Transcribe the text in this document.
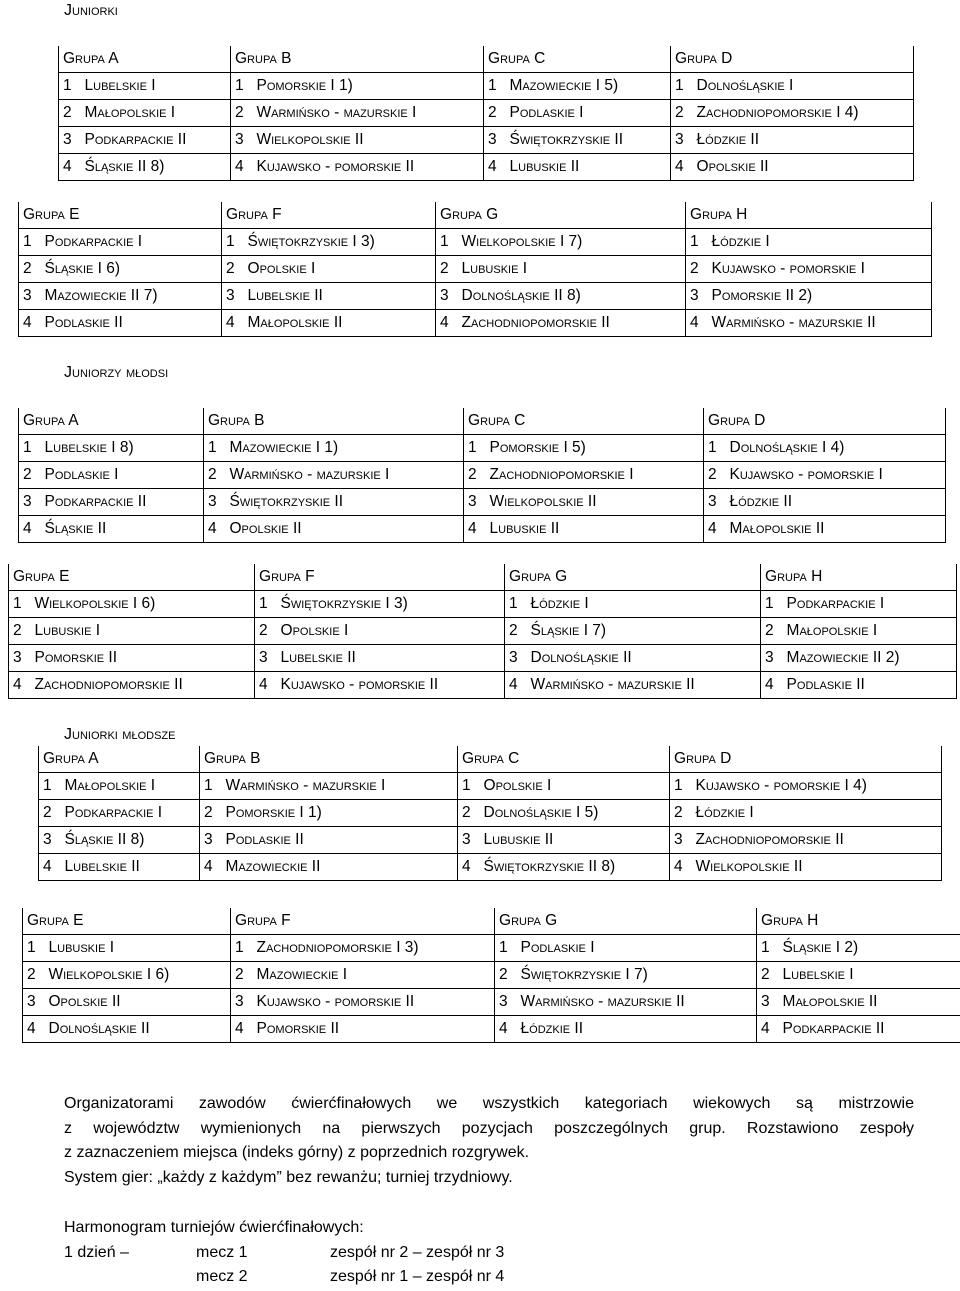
Juniorki
Juniorzy młodsi
Juniorki młodsze
Grupa A		Grupa B		Grupa C		Grupa D	
1	Lubelskie I	1	Pomorskie I 1)	1	Mazowieckie I 5)	1	Dolnośląskie I
2	Małopolskie I	2	Warmińsko - mazurskie I	2	Podlaskie I	2	Zachodniopomorskie I 4)
3	Podkarpackie II	3	Wielkopolskie II	3	Świętokrzyskie II	3	Łódzkie II
4	Śląskie II 8)	4	Kujawsko - pomorskie II	4	Lubuskie II	4	Opolskie II
Grupa E		Grupa F		Grupa G		Grupa H	
1	Podkarpackie I	1	Świętokrzyskie I 3)	1	Wielkopolskie I 7)	1	Łódzkie I
2	Śląskie I 6)	2	Opolskie I	2	Lubuskie I	2	Kujawsko - pomorskie I
3	Mazowieckie II 7)	3	Lubelskie II	3	Dolnośląskie II 8)	3	Pomorskie II 2)
4	Podlaskie II	4	Małopolskie II	4	Zachodniopomorskie II	4	Warmińsko - mazurskie II
Grupa A		Grupa B		Grupa C		Grupa D	
1	Lubelskie I 8)	1	Mazowieckie I 1)	1	Pomorskie I 5)	1	Dolnośląskie I 4)
2	Podlaskie I	2	Warmińsko - mazurskie I	2	Zachodniopomorskie I	2	Kujawsko - pomorskie I
3	Podkarpackie II	3	Świętokrzyskie II	3	Wielkopolskie II	3	Łódzkie II
4	Śląskie II	4	Opolskie II	4	Lubuskie II	4	Małopolskie II
Grupa E		Grupa F		Grupa G		Grupa H	
1	Wielkopolskie I 6)	1	Świętokrzyskie I 3)	1	Łódzkie I	1	Podkarpackie I
2	Lubuskie I	2	Opolskie I	2	Śląskie I 7)	2	Małopolskie I
3	Pomorskie II	3	Lubelskie II	3	Dolnośląskie II	3	Mazowieckie II 2)
4	Zachodniopomorskie II	4	Kujawsko - pomorskie II	4	Warmińsko - mazurskie II	4	Podlaskie II
Grupa A		Grupa B		Grupa C		Grupa D	
1	Małopolskie I	1	Warmińsko - mazurskie I	1	Opolskie I	1	Kujawsko - pomorskie I 4)
2	Podkarpackie I	2	Pomorskie I 1)	2	Dolnośląskie I 5)	2	Łódzkie I
3	Śląskie II 8)	3	Podlaskie II	3	Lubuskie II	3	Zachodniopomorskie II
4	Lubelskie II	4	Mazowieckie II	4	Świętokrzyskie II 8)	4	Wielkopolskie II
Grupa E		Grupa F		Grupa G		Grupa H	
1	Lubuskie I	1	Zachodniopomorskie I 3)	1	Podlaskie I	1	Śląskie I 2)
2	Wielkopolskie I 6)	2	Mazowieckie I	2	Świętokrzyskie I 7)	2	Lubelskie I
3	Opolskie II	3	Kujawsko - pomorskie II	3	Warmińsko - mazurskie II	3	Małopolskie II
4	Dolnośląskie II	4	Pomorskie II	4	Łódzkie II	4	Podkarpackie II
Organizatorami zawodów ćwierćfinałowych we wszystkich kategoriach wiekowych są mistrzowie
z województw wymienionych na pierwszych pozycjach poszczególnych grup. Rozstawiono zespoły
z zaznaczeniem miejsca (indeks górny) z poprzednich rozgrywek.
System gier: „każdy z każdym” bez rewanżu; turniej trzydniowy.
Harmonogram turniejów ćwierćfinałowych:
1 dzień –	mecz 1	zespół nr 2 – zespół nr 3
mecz 2	zespół nr 1 – zespół nr 4
